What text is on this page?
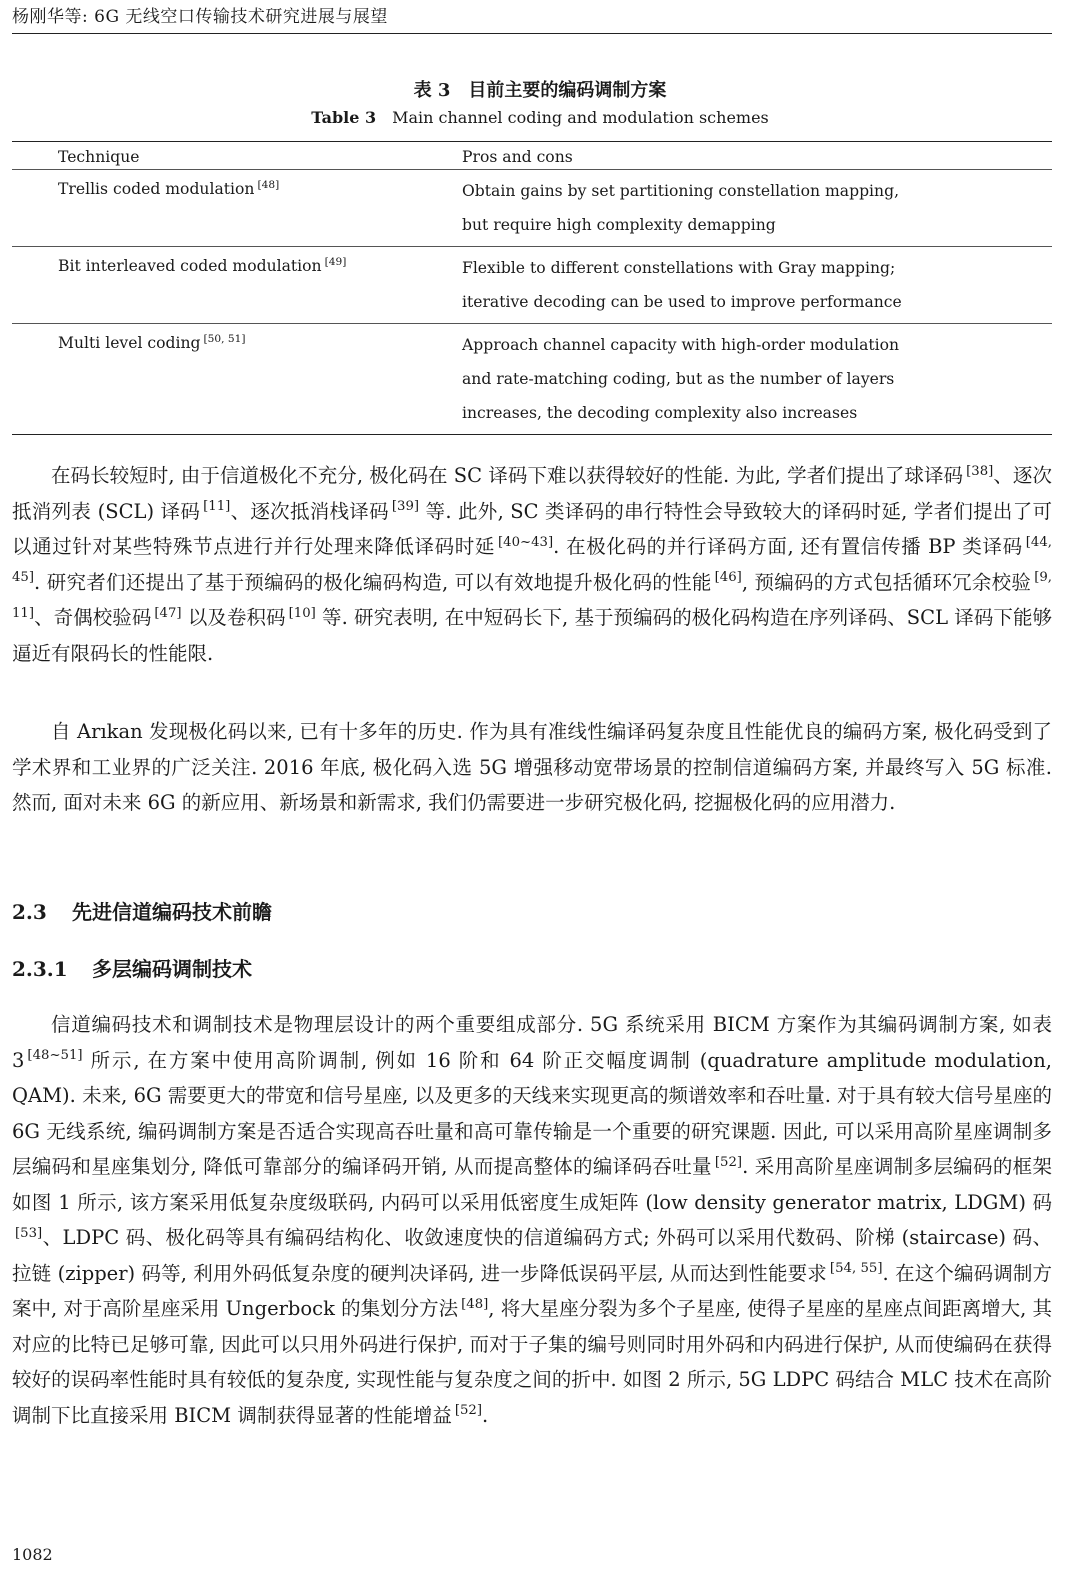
杨刚华等: 6G 无线空口传输技术研究进展与展望
表 3　目前主要的编码调制方案
Table 3 Main channel coding and modulation schemes
Technique	Pros and cons
Trellis coded modulation [48]	Obtain gains by set partitioning constellation mapping,
but require high complexity demapping

Bit interleaved coded modulation [49]	Flexible to different constellations with Gray mapping;
iterative decoding can be used to improve performance

Multi level coding [50, 51]	Approach channel capacity with high-order modulation
and rate-matching coding, but as the number of layers
increases, the decoding complexity also increases

在码长较短时, 由于信道极化不充分, 极化码在 SC 译码下难以获得较好的性能. 为此, 学者们提出了球译码 [38]、逐次抵消列表 (SCL) 译码 [11]、逐次抵消栈译码 [39] 等. 此外, SC 类译码的串行特性会导致较大的译码时延, 学者们提出了可以通过针对某些特殊节点进行并行处理来降低译码时延 [40~43]. 在极化码的并行译码方面, 还有置信传播 BP 类译码 [44, 45]. 研究者们还提出了基于预编码的极化编码构造, 可以有效地提升极化码的性能 [46], 预编码的方式包括循环冗余校验 [9, 11]、奇偶校验码 [47] 以及卷积码 [10] 等. 研究表明, 在中短码长下, 基于预编码的极化码构造在序列译码、SCL 译码下能够逼近有限码长的性能限.

自 Arıkan 发现极化码以来, 已有十多年的历史. 作为具有准线性编译码复杂度且性能优良的编码方案, 极化码受到了学术界和工业界的广泛关注. 2016 年底, 极化码入选 5G 增强移动宽带场景的控制信道编码方案, 并最终写入 5G 标准. 然而, 面对未来 6G 的新应用、新场景和新需求, 我们仍需要进一步研究极化码, 挖掘极化码的应用潜力.

2.3 先进信道编码技术前瞻
2.3.1 多层编码调制技术

信道编码技术和调制技术是物理层设计的两个重要组成部分. 5G 系统采用 BICM 方案作为其编码调制方案, 如表 3 [48~51] 所示, 在方案中使用高阶调制, 例如 16 阶和 64 阶正交幅度调制 (quadrature amplitude modulation, QAM). 未来, 6G 需要更大的带宽和信号星座, 以及更多的天线来实现更高的频谱效率和吞吐量. 对于具有较大信号星座的 6G 无线系统, 编码调制方案是否适合实现高吞吐量和高可靠传输是一个重要的研究课题. 因此, 可以采用高阶星座调制多层编码和星座集划分, 降低可靠部分的编译码开销, 从而提高整体的编译码吞吐量 [52]. 采用高阶星座调制多层编码的框架如图 1 所示, 该方案采用低复杂度级联码, 内码可以采用低密度生成矩阵 (low density generator matrix, LDGM) 码[53]、LDPC 码、极化码等具有编码结构化、收敛速度快的信道编码方式; 外码可以采用代数码、阶梯 (staircase) 码、拉链 (zipper) 码等, 利用外码低复杂度的硬判决译码, 进一步降低误码平层, 从而达到性能要求 [54, 55]. 在这个编码调制方案中, 对于高阶星座采用 Ungerbock 的集划分方法 [48], 将大星座分裂为多个子星座, 使得子星座的星座点间距离增大, 其对应的比特已足够可靠, 因此可以只用外码进行保护, 而对于子集的编号则同时用外码和内码进行保护, 从而使编码在获得较好的误码率性能时具有较低的复杂度, 实现性能与复杂度之间的折中. 如图 2 所示, 5G LDPC 码结合 MLC 技术在高阶调制下比直接采用 BICM 调制获得显著的性能增益 [52].

1082
